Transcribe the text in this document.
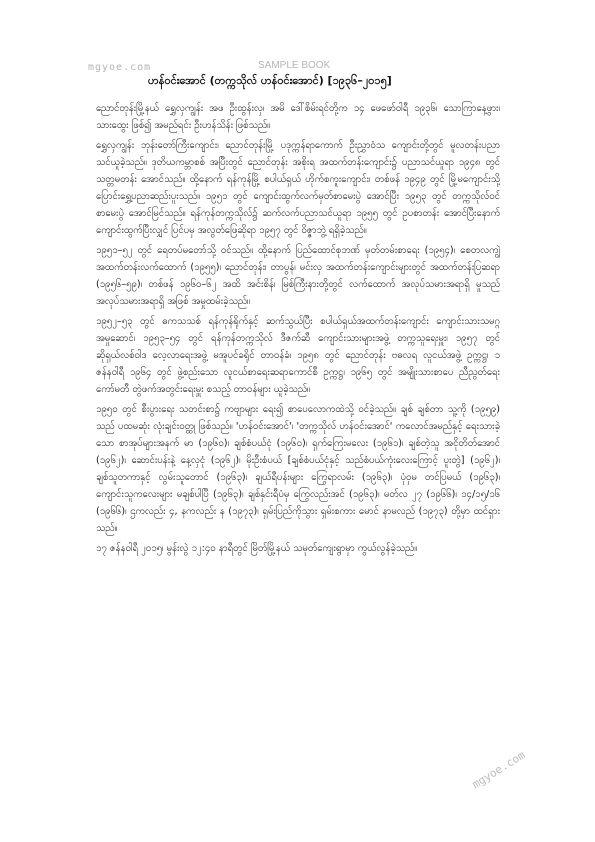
mgyoe.com	SAMPLE BOOK
ဟန်ဝင်းအောင် (တက္ကသိုလ် ဟန်ဝင်းအောင်) [၁၉၃၆–၂၀၁၅]

ညောင်တုန်းမြို့နယ် ရွှေလှကျွန်း အဖ ဦးထွန်းလှ၊ အမိ ဒေါ်စိမ်းရင်တို့က ၁၄ ဖေဖော်ဝါရီ ၁၉၃၆၊ သောကြာနေ့ဖွား၊ သားထွေး ဖြစ်၍ အမည်ရင်း ဦးဟန်သိန်း ဖြစ်သည်။

ရွှေလှကျွန်း ဘုန်းတော်ကြီးကျောင်း၊ ညောင်တုန်းမြို့ ပဒုက္ကန်ရာကောက် ဦးညွှာဝံသ ကျောင်းတို့တွင် မူလတန်းပညာ သင်ယူခဲ့သည်။ ဒုတိယကမ္ဘာစစ် အပြီးတွင် ညောင်တုန်း အစိုးရ အထက်တန်းကျောင်း၌ ပညာသင်ယူရာ ၁၉၄၈ တွင် သတ္တမတန်း အောင်သည်။ ထို့နောက် ရန်ကုန်မြို့ စပါယ်ရှယ် ဟိုက်စကူးကျောင်း၊ တစ်ဖန် ၁၉၄၉ တွင် မြို့မကျောင်းသို့ ပြောင်းရွှေ့ပညာဆည်းပူးသည်။ ၁၉၅၁ တွင် ကျောင်းထွက်လက်မှတ်စာမေးပွဲ အောင်ပြီး ၁၉၅၃ တွင် တက္ကသိုလ်ဝင်စာမေးပွဲ အောင်မြင်သည်။ ရန်ကုန်တက္ကသိုလ်၌ ဆက်လက်ပညာသင်ယူရာ ၁၉၅၅ တွင် ဥပစာတန်း အောင်ပြီးနောက် ကျောင်းထွက်ပြီးလျှင် ပြင်ပမှ အလွတ်ဖြေဆိုရာ ၁၉၅၇ တွင် ဝိဇ္ဇာဘွဲ့ ရရှိခဲ့သည်။

၁၉၅၁–၅၂ တွင် ရေတပ်မတော်သို့ ဝင်သည်။ ထို့နောက် ပြည်ထောင်စုဘဏ် မှတ်တမ်းစာရေး (၁၉၅၄)၊ စေတလကျွဲ အထက်တန်းလက်ထောက် (၁၉၅၅)၊ ညောင်တုန်း၊ တာပွန်၊ မင်းလှ အထက်တန်းကျောင်းများတွင် အထက်တန်းပြဆရာ (၁၉၅၆–၅၉)၊ တစ်ဖန် ၁၉၆၀–၆၂ အထိ အင်းစိန်၊ မြစ်ကြီးနားတို့တွင် လက်ထောက် အလုပ်သမားအရာရှိ မှုသည် အလုပ်သမားအရာရှိ အဖြစ် အမှုထမ်းခဲ့သည်။

၁၉၅၂–၅၃ တွင် ဓကသသစ် ရန်ကုန်ရိုက်နှင့် ဆက်သွယ်ပြီး စပါယ်ရှယ်အထက်တန်းကျောင်း ကျောင်းသားသမဂ္ဂ အမှုဆောင်၊ ၁၉၅၃–၅၄ တွင် ရန်ကုန်တက္ကသိုလ် ဒီဇက်ဆီ ကျောင်းသားများအဖွဲ့ တက္ကသူရေးမှူး၊ ၁၉၅၇ တွင် ဆိုရှယ်လစ်ဝါဒ လေ့လာရေးအဖွဲ့ မအူပင်ခရိုင် တာဝန်ခံ၊ ၁၉၅၈ တွင် ညောင်တုန်း ဗဓလရ လူငယ်အဖွဲ့ ဥက္ကဋ္ဌ၊ ၁ ဇန်နဝါရီ ၁၉၆၄ တွင် ဖွဲ့စည်းသော လူငယ်စာရေးဆရာကောင်စီ ဥက္ကဋ္ဌ၊ ၁၉၆၅ တွင် အမျိုးသားစာပေ ညီညွတ်ရေးကော်မတီ တွဲဖက်အတွင်းရေးမှူး စသည့် တာဝန်များ ယူခဲ့သည်။

၁၉၅၀ တွင် စီးပွားရေး သတင်းစာ၌ ကဗျာများ ရေး၍ စာပေလောကထဲသို့ ဝင်ခဲ့သည်။ ချစ် ချစ်တာ သူ့ကို (၁၉၅၉) သည် ပထမဆုံး လုံးချင်းဝတ္ထု ဖြစ်သည်။ 'ဟန်ဝင်းအောင်'၊ 'တက္ကသိုလ် ဟန်ဝင်းအောင်' ကလောင်အမည်နှင့် ရေးသားခဲ့သော စာအုပ်များအနက် မာ (၁၉၆၀)၊ ချစ်စံပယ်ငုံ (၁၉၆၀)၊ ရှက်ကြေးမလေး (၁၉၆၁)၊ ချစ်တဲ့သူ အငိုတိတ်အောင် (၁၉၆၂)၊ ဆောင်းပန်းနဲ့ နေ့လှငုံ (၁၉၆၂)၊ မိုးဦးစံပယ် [ချစ်စံပယ်ငုံနှင့် သည်စံပယ်ကုံးလေးကြောင့် ပူးတွဲ] (၁၉၆၂)၊ ချစ်သူတကာနှင့် လွမ်းသူတောင် (၁၉၆၃)၊ ချယ်ရီပန်းများ ကြွေရာလမ်း (၁၉၆၃)၊ ပုံဝှမ တင်ပြမယ် (၁၉၆၃)၊ ကျောင်းသူကလေးများ မချစ်ပါပြီ (၁၉၆၃)၊ ချစ်နှင်းရီပံမှ ကြွေလည်းအင် (၁၉၆၃)၊ မတ်လ ၂၇ (၁၉၆၆)၊ ၁၄/၁၅/၁၆ (၁၉၆၆)၊ ဌကလည်း ၄, နကလည်း န (၁၉၇၃)၊ ရှမ်းပြည်ကိုသွား ရှမ်းစကား မောင် နာမလည် (၁၉၇၃) တို့မှာ ထင်ရှားသည်။

၁၇ ဇန်နဝါရီ ၂၀၁၅၊ မွန်းလွဲ ၁၂:၄၀ နာရီတွင် မြိတ်မြို့နယ် သမုတ်ကျေးရွာမှာ ကွယ်လွန်ခဲ့သည်။

mgyoe.com
